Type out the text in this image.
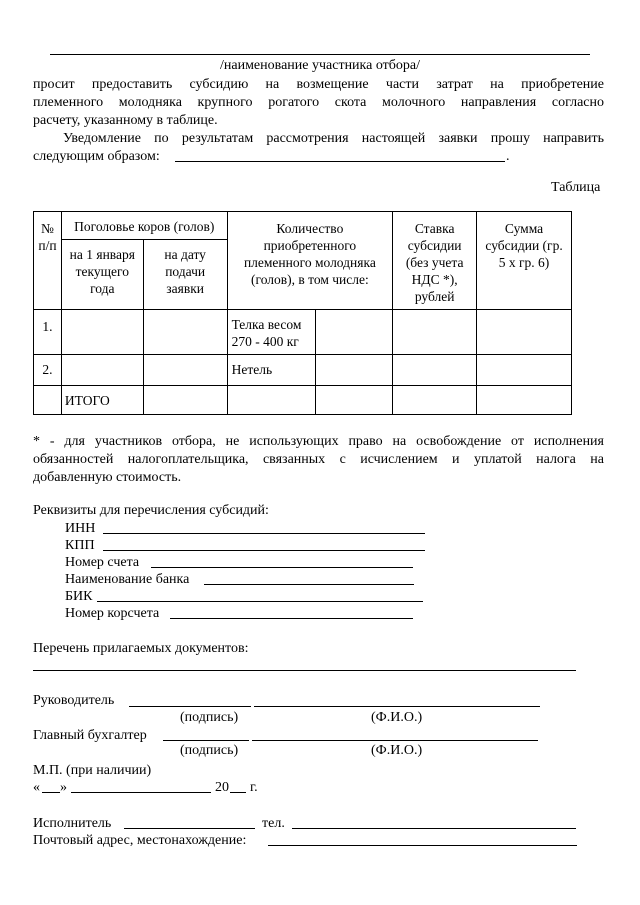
/наименование участника отбора/
просит предоставить субсидию на возмещение части затрат на приобретение
племенного молодняка крупного рогатого скота молочного направления согласно
расчету, указанному в таблице.
Уведомление по результатам рассмотрения настоящей заявки прошу направить
следующим образом:	.
Таблица
№ п/п	Поголовье коров (голов)		Количество приобретенного племенного молодняка (голов), в том числе:		Ставка субсидии (без учета НДС *), рублей	Сумма субсидии (гр. 5 х гр. 6)
	на 1 января текущего года	на дату подачи заявки				
1.			Телка весом 270 - 400 кг			
2.			Нетель			
	ИТОГО					
* - для участников отбора, не использующих право на освобождение от исполнения
обязанностей налогоплательщика, связанных с исчислением и уплатой налога на
добавленную стоимость.
Реквизиты для перечисления субсидий:
ИНН
КПП
Номер счета
Наименование банка
БИК
Номер корсчета
Перечень прилагаемых документов:
Руководитель
(подпись)	(Ф.И.О.)
Главный бухгалтер
(подпись)	(Ф.И.О.)
М.П. (при наличии)
« »	20 г.
Исполнитель	тел.
Почтовый адрес, местонахождение:
